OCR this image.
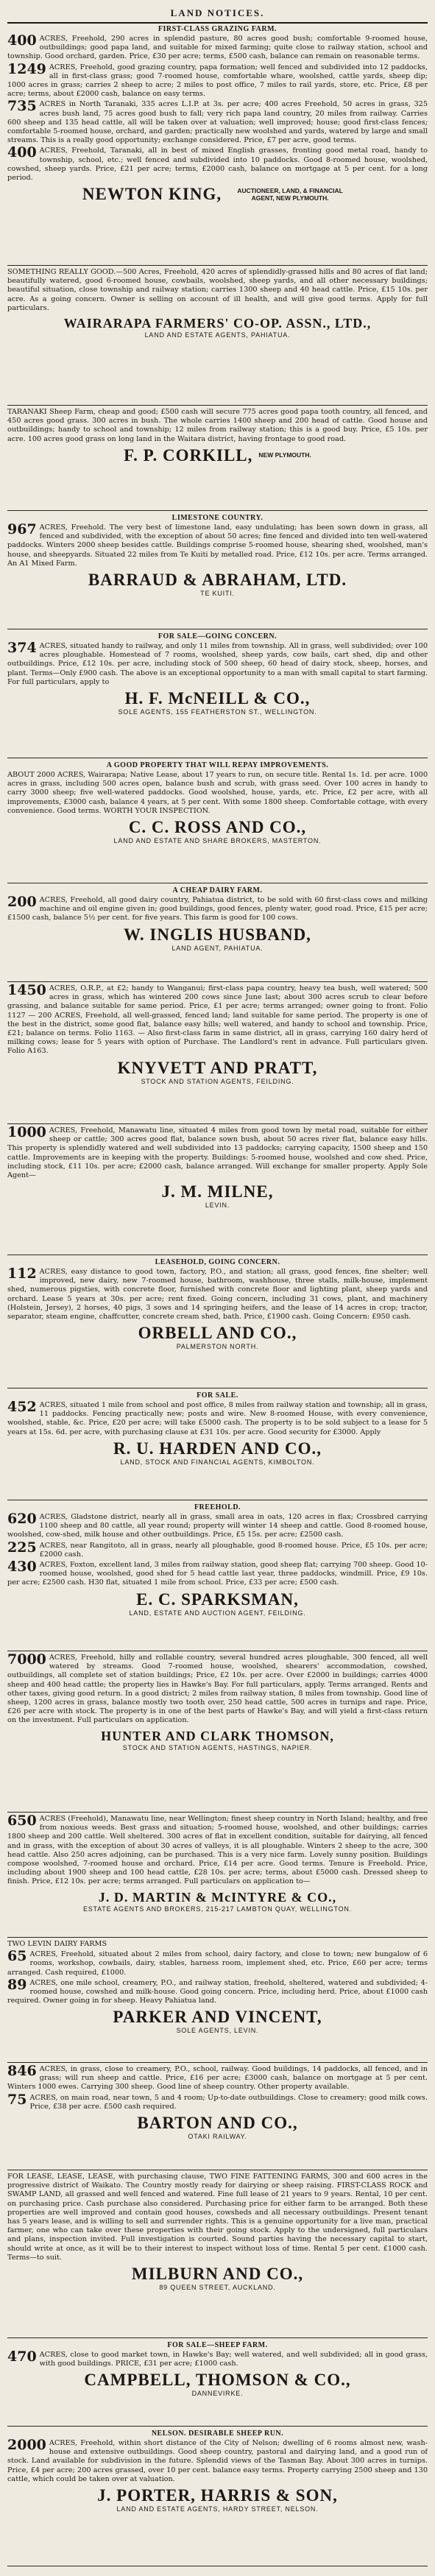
LAND NOTICES.
FIRST-CLASS GRAZING FARM.
400 ACRES, Freehold, 290 acres in splendid pasture, 80 acres good bush; comfortable 9-roomed house, outbuildings; good papa land, and suitable for mixed farming; quite close to railway station, school and township. Good orchard, garden. Price, £30 per acre; terms, £500 cash, balance can remain on reasonable terms.
1249 ACRES, Freehold, good grazing country, papa formation; well fenced and subdivided into 12 paddocks, all in first-class grass; good 7-roomed house, comfortable whare, woolshed, cattle yards, sheep dip; 1000 acres in grass; carries 2 sheep to acre; 2 miles to post office, 7 miles to rail yards, store, etc. Price, £8 per acre; terms, about £2000 cash, balance on easy terms.
735 ACRES in North Taranaki, 335 acres L.I.P. at 3s. per acre; 400 acres Freehold, 50 acres in grass, 325 acres bush land, 75 acres good bush to fall; very rich papa land country, 20 miles from railway. Carries 600 sheep and 135 head cattle, all will be taken over at valuation; well improved; house; good first-class fences; comfortable 5-roomed house, orchard, and garden; practically new woolshed and yards, watered by large and small streams. This is a really good opportunity; exchange considered. Price, £7 per acre, good terms.
400 ACRES, Freehold, Taranaki, all in best of mixed English grasses, fronting good metal road, handy to township, school, etc.; well fenced and subdivided into 10 paddocks. Good 8-roomed house, woolshed, cowshed, sheep yards. Price, £21 per acre; terms, £2000 cash, balance on mortgage at 5 per cent. for a long period.
NEWTON KING,	AUCTIONEER, LAND, & FINANCIAL AGENT, NEW PLYMOUTH.
SOMETHING REALLY GOOD.—500 Acres, Freehold, 420 acres of splendidly-grassed hills and 80 acres of flat land; beautifully watered, good 6-roomed house, cowbails, woolshed, sheep yards, and all other necessary buildings; beautiful situation, close township and railway station; carries 1300 sheep and 40 head cattle. Price, £15 10s. per acre. As a going concern. Owner is selling on account of ill health, and will give good terms. Apply for full particulars.
WAIRARAPA FARMERS' CO-OP. ASSN., LTD.,
LAND AND ESTATE AGENTS, PAHIATUA.
TARANAKI Sheep Farm, cheap and good; £500 cash will secure 775 acres good papa tooth country, all fenced, and 450 acres good grass. 300 acres in bush. The whole carries 1400 sheep and 200 head of cattle. Good house and outbuildings; handy to school and township; 12 miles from railway station; this is a good buy. Price, £5 10s. per acre. 100 acres good grass on long land in the Waitara district, having frontage to good road.
F. P. CORKILL, NEW PLYMOUTH.
LIMESTONE COUNTRY.
967 ACRES, Freehold. The very best of limestone land, easy undulating; has been sown down in grass, all fenced and subdivided, with the exception of about 50 acres; fine fenced and divided into ten well-watered paddocks. Winters 2000 sheep besides cattle. Buildings comprise 5-roomed house, shearing shed, woolshed, man's house, and sheepyards. Situated 22 miles from Te Kuiti by metalled road. Price, £12 10s. per acre. Terms arranged. An A1 Mixed Farm.
BARRAUD & ABRAHAM, LTD.
TE KUITI.
FOR SALE—GOING CONCERN.
374 ACRES, situated handy to railway, and only 11 miles from township. All in grass, well subdivided; over 100 acres ploughable. Homestead of 7 rooms, woolshed, sheep yards, cow bails, cart shed, dip and other outbuildings. Price, £12 10s. per acre, including stock of 500 sheep, 60 head of dairy stock, sheep, horses, and plant. Terms—Only £900 cash. The above is an exceptional opportunity to a man with small capital to start farming. For full particulars, apply to
H. F. McNEILL & CO.,
SOLE AGENTS, 155 FEATHERSTON ST., WELLINGTON.
A GOOD PROPERTY THAT WILL REPAY IMPROVEMENTS.
ABOUT 2000 ACRES, Wairarapa; Native Lease, about 17 years to run, on secure title. Rental 1s. 1d. per acre. 1000 acres in grass, including 500 acres open, balance bush and scrub, with grass seed. Over 100 acres in handy to carry 3000 sheep; five well-watered paddocks. Good woolshed, house, yards, etc. Price, £2 per acre, with all improvements, £3000 cash, balance 4 years, at 5 per cent. With some 1800 sheep. Comfortable cottage, with every convenience. Good terms. WORTH YOUR INSPECTION.
C. C. ROSS AND CO.,
LAND AND ESTATE AND SHARE BROKERS, MASTERTON.
A CHEAP DAIRY FARM.
200 ACRES, Freehold, all good dairy country, Pahiatua district, to be sold with 60 first-class cows and milking machine and oil engine given in; good buildings, good fences, plenty water, good road. Price, £15 per acre; £1500 cash, balance 5½ per cent. for five years. This farm is good for 100 cows.
W. INGLIS HUSBAND,
LAND AGENT, PAHIATUA.
1450 ACRES, O.R.P., at £2; handy to Wanganui; first-class papa country, heavy tea bush, well watered; 500 acres in grass, which has wintered 200 cows since June last; about 300 acres scrub to clear before grassing, and balance suitable for same period. Price, £1 per acre; terms arranged; owner going to front. Folio 1127 — 200 ACRES, Freehold, all well-grassed, fenced land; land suitable for same period. The property is one of the best in the district, some good flat, balance easy hills; well watered, and handy to school and township. Price, £21; balance on terms. Folio 1163. — Also first-class farm in same district, all in grass, carrying 160 dairy herd of milking cows; lease for 5 years with option of Purchase. The Landlord's rent in advance. Full particulars given. Folio A163.
KNYVETT AND PRATT,
STOCK AND STATION AGENTS, FEILDING.
1000 ACRES, Freehold, Manawatu line, situated 4 miles from good town by metal road, suitable for either sheep or cattle; 300 acres good flat, balance sown bush, about 50 acres river flat, balance easy hills. This property is splendidly watered and well subdivided into 13 paddocks; carrying capacity, 1500 sheep and 150 cattle. Improvements are in keeping with the property. Buildings: 5-roomed house, woolshed and cow shed. Price, including stock, £11 10s. per acre; £2000 cash, balance arranged. Will exchange for smaller property. Apply Sole Agent—
J. M. MILNE,
LEVIN.
LEASEHOLD, GOING CONCERN.
112 ACRES, easy distance to good town, factory, P.O., and station; all grass, good fences, fine shelter; well improved, new dairy, new 7-roomed house, bathroom, washhouse, three stalls, milk-house, implement shed, numerous pigsties, with concrete floor, furnished with concrete floor and lighting plant, sheep yards and orchard. Lease 5 years at 30s. per acre; rent fixed. Going concern, including 31 cows, plant, and machinery (Holstein, Jersey), 2 horses, 40 pigs, 3 sows and 14 springing heifers, and the lease of 14 acres in crop; tractor, separator, steam engine, chaffcutter, concrete cream shed, bath. Price, £1900 cash. Going Concern: £950 cash.
ORBELL AND CO.,
PALMERSTON NORTH.
FOR SALE.
452 ACRES, situated 1 mile from school and post office, 8 miles from railway station and township; all in grass, 11 paddocks. Fencing practically new; posts and wire. New 8-roomed House, with every convenience, woolshed, stable, &c. Price, £20 per acre; will take £5000 cash. The property is to be sold subject to a lease for 5 years at 15s. 6d. per acre, with purchasing clause at £31 10s. per acre. Good security for £3000. Apply
R. U. HARDEN AND CO.,
LAND, STOCK AND FINANCIAL AGENTS, KIMBOLTON.
FREEHOLD.
620 ACRES, Gladstone district, nearly all in grass, small area in oats, 120 acres in flax; Crossbred carrying 1100 sheep and 80 cattle, all year round; property will winter 14 sheep and cattle. Good 8-roomed house, woolshed, cow-shed, milk house and other outbuildings. Price, £5 15s. per acre; £2500 cash.
225 ACRES, near Rangitoto, all in grass, nearly all ploughable, good 8-roomed house. Price, £5 10s. per acre; £2000 cash.
430 ACRES, Foxton, excellent land, 3 miles from railway station, good sheep flat; carrying 700 sheep. Good 10-roomed house, woolshed, good shed for 5 head cattle last year, three paddocks, windmill. Price, £9 10s. per acre; £2500 cash. H30 flat, situated 1 mile from school. Price, £33 per acre; £500 cash.
E. C. SPARKSMAN,
LAND, ESTATE AND AUCTION AGENT, FEILDING.
7000 ACRES, Freehold, hilly and rollable country, several hundred acres ploughable, 300 fenced, all well watered by streams. Good 7-roomed house, woolshed, shearers' accommodation, cowshed, outbuildings, all complete set of station buildings; Price, £2 10s. per acre. Over £2000 in buildings; carries 4000 sheep and 400 head cattle; the property lies in Hawke's Bay. For full particulars, apply. Terms arranged. Rents and other taxes, giving good return. In a good district; 2 miles from railway station, 8 miles from township. Good line of sheep, 1200 acres in grass, balance mostly two tooth over, 250 head cattle, 500 acres in turnips and rape. Price, £26 per acre with stock. The property is in one of the best parts of Hawke's Bay, and will yield a first-class return on the investment. Full particulars on application.
HUNTER AND CLARK THOMSON,
STOCK AND STATION AGENTS, HASTINGS, NAPIER.
650 ACRES (Freehold), Manawatu line, near Wellington; finest sheep country in North Island; healthy, and free from noxious weeds. Best grass and situation; 5-roomed house, woolshed, and other buildings; carries 1800 sheep and 200 cattle. Well sheltered. 300 acres of flat in excellent condition, suitable for dairying, all fenced and in grass, with the exception of about 30 acres of valleys, it is all ploughable. Winters 2 sheep to the acre, 300 head cattle. Also 250 acres adjoining, can be purchased. This is a very nice farm. Lovely sunny position. Buildings compose woolshed, 7-roomed house and orchard. Price, £14 per acre. Good terms. Tenure is Freehold. Price, including about 1900 sheep and 100 head cattle, £28 10s. per acre; terms, about £5000 cash. Dressed sheep to finish. Price, £12 10s. per acre; terms arranged. Full particulars on application to—
J. D. MARTIN & McINTYRE & CO.,
ESTATE AGENTS AND BROKERS, 215-217 LAMBTON QUAY, WELLINGTON.
TWO LEVIN DAIRY FARMS
65 ACRES, Freehold, situated about 2 miles from school, dairy factory, and close to town; new bungalow of 6 rooms, workshop, cowbails, dairy, stables, harness room, implement shed, etc. Price, £60 per acre; terms arranged. Cash required, £1000.
89 ACRES, one mile school, creamery, P.O., and railway station, freehold, sheltered, watered and subdivided; 4-roomed house, cowshed and milk-house. Good going concern. Price, including herd. Price, about £1000 cash required. Owner going in for sheep. Heavy Pahiatua land.
PARKER AND VINCENT,
SOLE AGENTS, LEVIN.
846 ACRES, in grass, close to creamery, P.O., school, railway. Good buildings, 14 paddocks, all fenced, and in grass; will run sheep and cattle. Price, £16 per acre; £3000 cash, balance on mortgage at 5 per cent. Winters 1000 ewes. Carrying 300 sheep. Good line of sheep country. Other property available.
75 ACRES, on main road, near town, 5 and 4 room; Up-to-date outbuildings. Close to creamery; good milk cows. Price, £38 per acre. £500 cash required.
BARTON AND CO.,
OTAKI RAILWAY.
FOR LEASE, LEASE, LEASE, with purchasing clause, TWO FINE FATTENING FARMS, 300 and 600 acres in the progressive district of Waikato. The Country mostly ready for dairying or sheep raising. FIRST-CLASS ROCK and SWAMP LAND, all grassed and well fenced and watered. Fine full lease of 21 years to 9 years. Rental, 10 per cent. on purchasing price. Cash purchase also considered. Purchasing price for either farm to be arranged. Both these properties are well improved and contain good houses, cowsheds and all necessary outbuildings. Present tenant has 5 years lease, and is willing to sell and surrender rights. This is a genuine opportunity for a live man, practical farmer, one who can take over these properties with their going stock. Apply to the undersigned, full particulars and plans, inspection invited. Full investigation is courted. Sound parties having the necessary capital to start, should write at once, as it will be to their interest to inspect without loss of time. Rental 5 per cent. £1000 cash. Terms—to suit.
MILBURN AND CO.,
89 QUEEN STREET, AUCKLAND.
FOR SALE—SHEEP FARM.
470 ACRES, close to good market town, in Hawke's Bay; well watered, and well subdivided; all in good grass, with good buildings. PRICE, £31 per acre; £1000 cash.
CAMPBELL, THOMSON & CO.,
DANNEVIRKE.
NELSON. DESIRABLE SHEEP RUN.
2000 ACRES, Freehold, within short distance of the City of Nelson; dwelling of 6 rooms almost new, wash-house and extensive outbuildings. Good sheep country, pastoral and dairying land, and a good run of stock. Land available for subdivision in the future. Splendid views of the Tasman Bay. About 300 acres in turnips. Price, £4 per acre; 200 acres grassed, over 10 per cent. balance easy terms. Property carrying 2500 sheep and 130 cattle, which could be taken over at valuation.
J. PORTER, HARRIS & SON,
LAND AND ESTATE AGENTS, HARDY STREET, NELSON.
